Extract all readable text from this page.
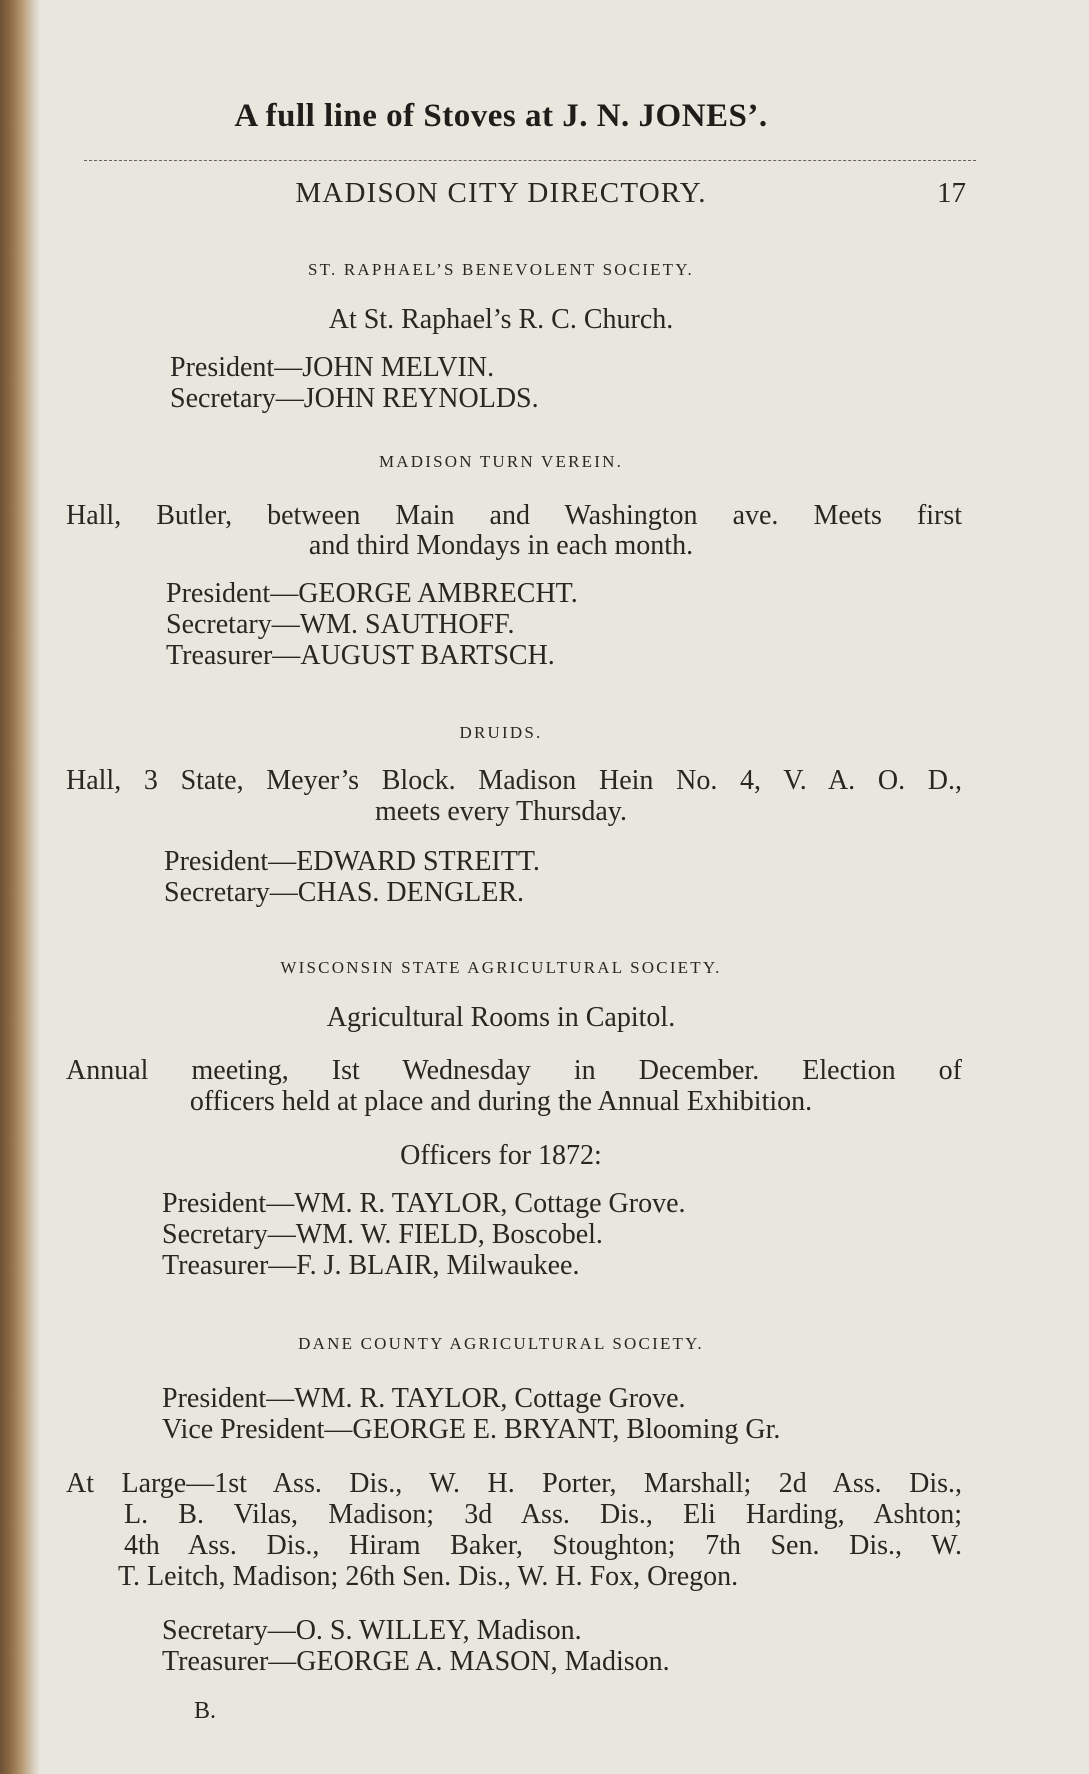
A full line of Stoves at J. N. JONES’.
MADISON CITY DIRECTORY.	17
ST. RAPHAEL’S BENEVOLENT SOCIETY.
At St. Raphael’s R. C. Church.
President—JOHN MELVIN.
Secretary—JOHN REYNOLDS.
MADISON TURN VEREIN.
Hall, Butler, between Main and Washington ave. Meets first
and third Mondays in each month.
President—GEORGE AMBRECHT.
Secretary—WM. SAUTHOFF.
Treasurer—AUGUST BARTSCH.
DRUIDS.
Hall, 3 State, Meyer’s Block. Madison Hein No. 4, V. A. O. D.,
meets every Thursday.
President—EDWARD STREITT.
Secretary—CHAS. DENGLER.
WISCONSIN STATE AGRICULTURAL SOCIETY.
Agricultural Rooms in Capitol.
Annual meeting, Ist Wednesday in December. Election of
officers held at place and during the Annual Exhibition.
Officers for 1872:
President—WM. R. TAYLOR, Cottage Grove.
Secretary—WM. W. FIELD, Boscobel.
Treasurer—F. J. BLAIR, Milwaukee.
DANE COUNTY AGRICULTURAL SOCIETY.
President—WM. R. TAYLOR, Cottage Grove.
Vice President—GEORGE E. BRYANT, Blooming Gr.
At Large—1st Ass. Dis., W. H. Porter, Marshall; 2d Ass. Dis.,
L. B. Vilas, Madison; 3d Ass. Dis., Eli Harding, Ashton;
4th Ass. Dis., Hiram Baker, Stoughton; 7th Sen. Dis., W.
T. Leitch, Madison; 26th Sen. Dis., W. H. Fox, Oregon.
Secretary—O. S. WILLEY, Madison.
Treasurer—GEORGE A. MASON, Madison.
B.
